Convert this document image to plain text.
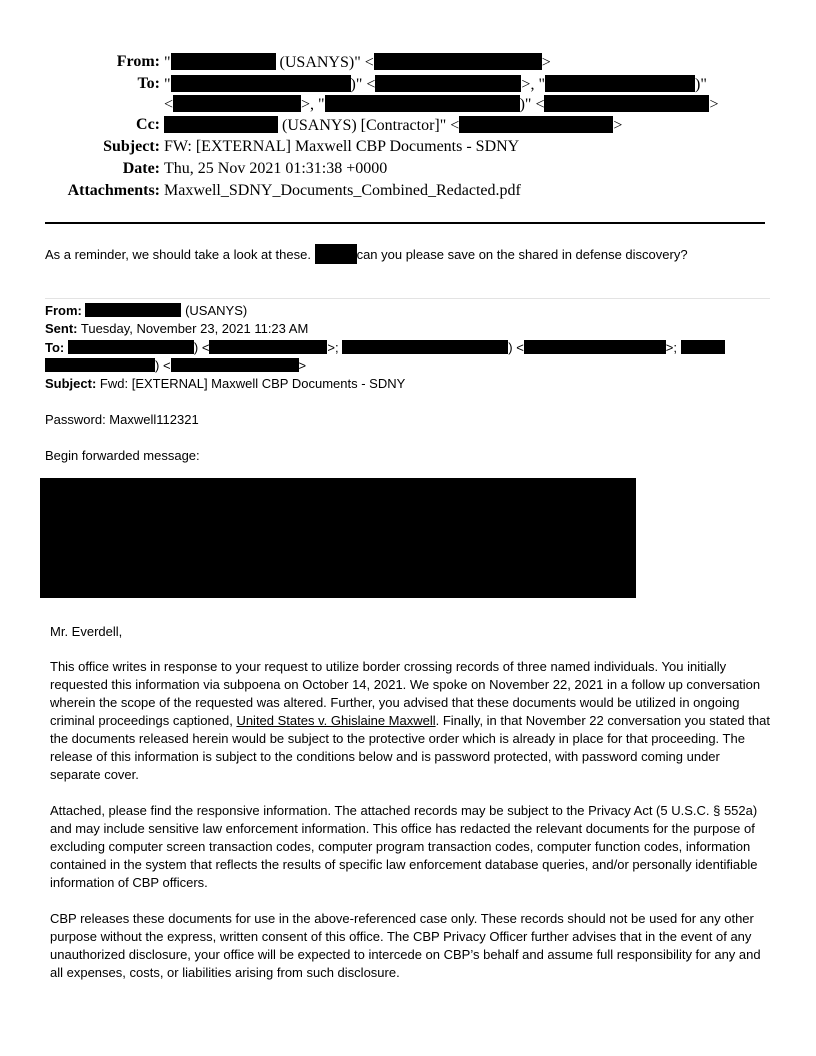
From: "	(USANYS)" <	>
To: "	)" <	>, "	)"
<	>, "	)" <	>
Cc:	(USANYS) [Contractor]" <	>
Subject: FW: [EXTERNAL] Maxwell CBP Documents - SDNY
Date: Thu, 25 Nov 2021 01:31:38 +0000
Attachments: Maxwell_SDNY_Documents_Combined_Redacted.pdf
As a reminder, we should take a look at these.	can you please save on the shared in defense discovery?
From:	(USANYS)
Sent: Tuesday, November 23, 2021 11:23 AM
To:	) <	>;	) <	>;
) <	>
Subject: Fwd: [EXTERNAL] Maxwell CBP Documents - SDNY
Password: Maxwell112321
Begin forwarded message:

Mr. Everdell,

This office writes in response to your request to utilize border crossing records of three named individuals. You initially requested this information via subpoena on October 14, 2021. We spoke on November 22, 2021 in a follow up conversation wherein the scope of the requested was altered. Further, you advised that these documents would be utilized in ongoing criminal proceedings captioned, United States v. Ghislaine Maxwell. Finally, in that November 22 conversation you stated that the documents released herein would be subject to the protective order which is already in place for that proceeding. The release of this information is subject to the conditions below and is password protected, with password coming under separate cover.

Attached, please find the responsive information. The attached records may be subject to the Privacy Act (5 U.S.C. § 552a) and may include sensitive law enforcement information. This office has redacted the relevant documents for the purpose of excluding computer screen transaction codes, computer program transaction codes, computer function codes, information contained in the system that reflects the results of specific law enforcement database queries, and/or personally identifiable information of CBP officers.

CBP releases these documents for use in the above-referenced case only. These records should not be used for any other purpose without the express, written consent of this office. The CBP Privacy Officer further advises that in the event of any unauthorized disclosure, your office will be expected to intercede on CBP’s behalf and assume full responsibility for any and all expenses, costs, or liabilities arising from such disclosure.
